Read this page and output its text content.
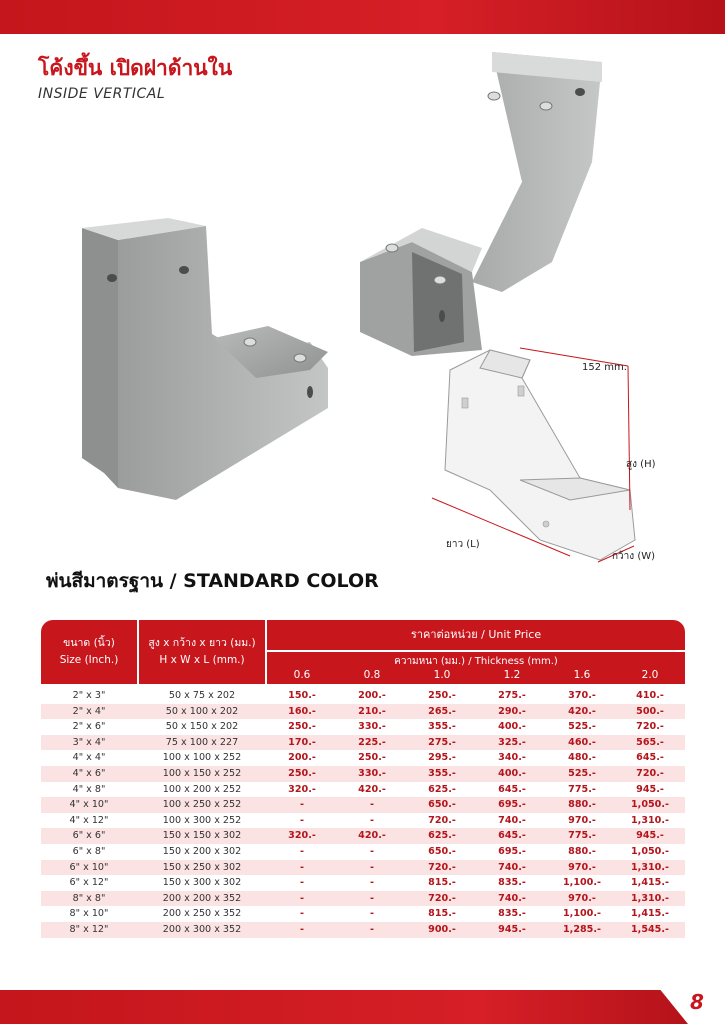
โค้งขึ้น เปิดฝาด้านใน
INSIDE VERTICAL
152 mm.
สูง (H)
ยาว (L)
กว้าง (W)
พ่นสีมาตรฐาน / STANDARD COLOR
ขนาด (นิ้ว)
Size (Inch.)
สูง x กว้าง x ยาว (มม.)
H x W x L (mm.)
ราคาต่อหน่วย / Unit Price
ความหนา (มม.) / Thickness (mm.)
0.6	0.8	1.0	1.2	1.6	2.0
2" x 3"	50 x 75 x 202	150.-	200.-	250.-	275.-	370.-	410.-
2" x 4"	50 x 100 x 202	160.-	210.-	265.-	290.-	420.-	500.-
2" x 6"	50 x 150 x 202	250.-	330.-	355.-	400.-	525.-	720.-
3" x 4"	75 x 100 x 227	170.-	225.-	275.-	325.-	460.-	565.-
4" x 4"	100 x 100 x 252	200.-	250.-	295.-	340.-	480.-	645.-
4" x 6"	100 x 150 x 252	250.-	330.-	355.-	400.-	525.-	720.-
4" x 8"	100 x 200 x 252	320.-	420.-	625.-	645.-	775.-	945.-
4" x 10"	100 x 250 x 252	-	-	650.-	695.-	880.-	1,050.-
4" x 12"	100 x 300 x 252	-	-	720.-	740.-	970.-	1,310.-
6" x 6"	150 x 150 x 302	320.-	420.-	625.-	645.-	775.-	945.-
6" x 8"	150 x 200 x 302	-	-	650.-	695.-	880.-	1,050.-
6" x 10"	150 x 250 x 302	-	-	720.-	740.-	970.-	1,310.-
6" x 12"	150 x 300 x 302	-	-	815.-	835.-	1,100.-	1,415.-
8" x 8"	200 x 200 x 352	-	-	720.-	740.-	970.-	1,310.-
8" x 10"	200 x 250 x 352	-	-	815.-	835.-	1,100.-	1,415.-
8" x 12"	200 x 300 x 352	-	-	900.-	945.-	1,285.-	1,545.-
8
